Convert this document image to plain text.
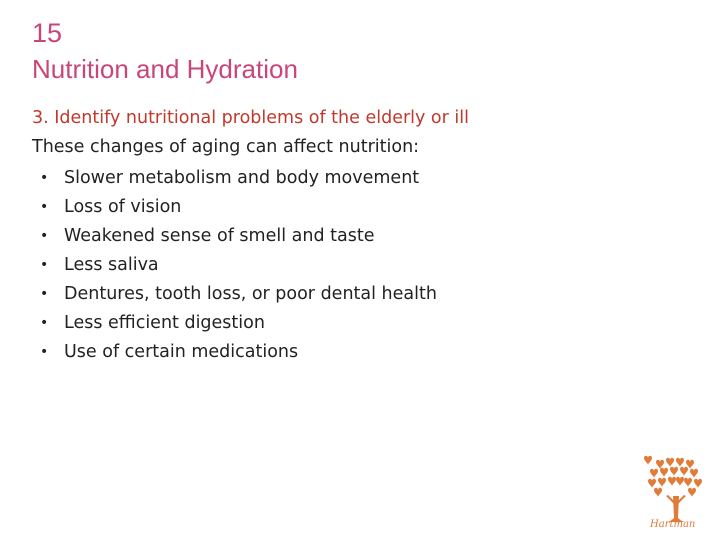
15
Nutrition and Hydration
3. Identify nutritional problems of the elderly or ill
These changes of aging can affect nutrition:
• Slower metabolism and body movement
• Loss of vision
• Weakened sense of smell and taste
• Less saliva
• Dentures, tooth loss, or poor dental health
• Less efficient digestion
• Use of certain medications
Hartman
